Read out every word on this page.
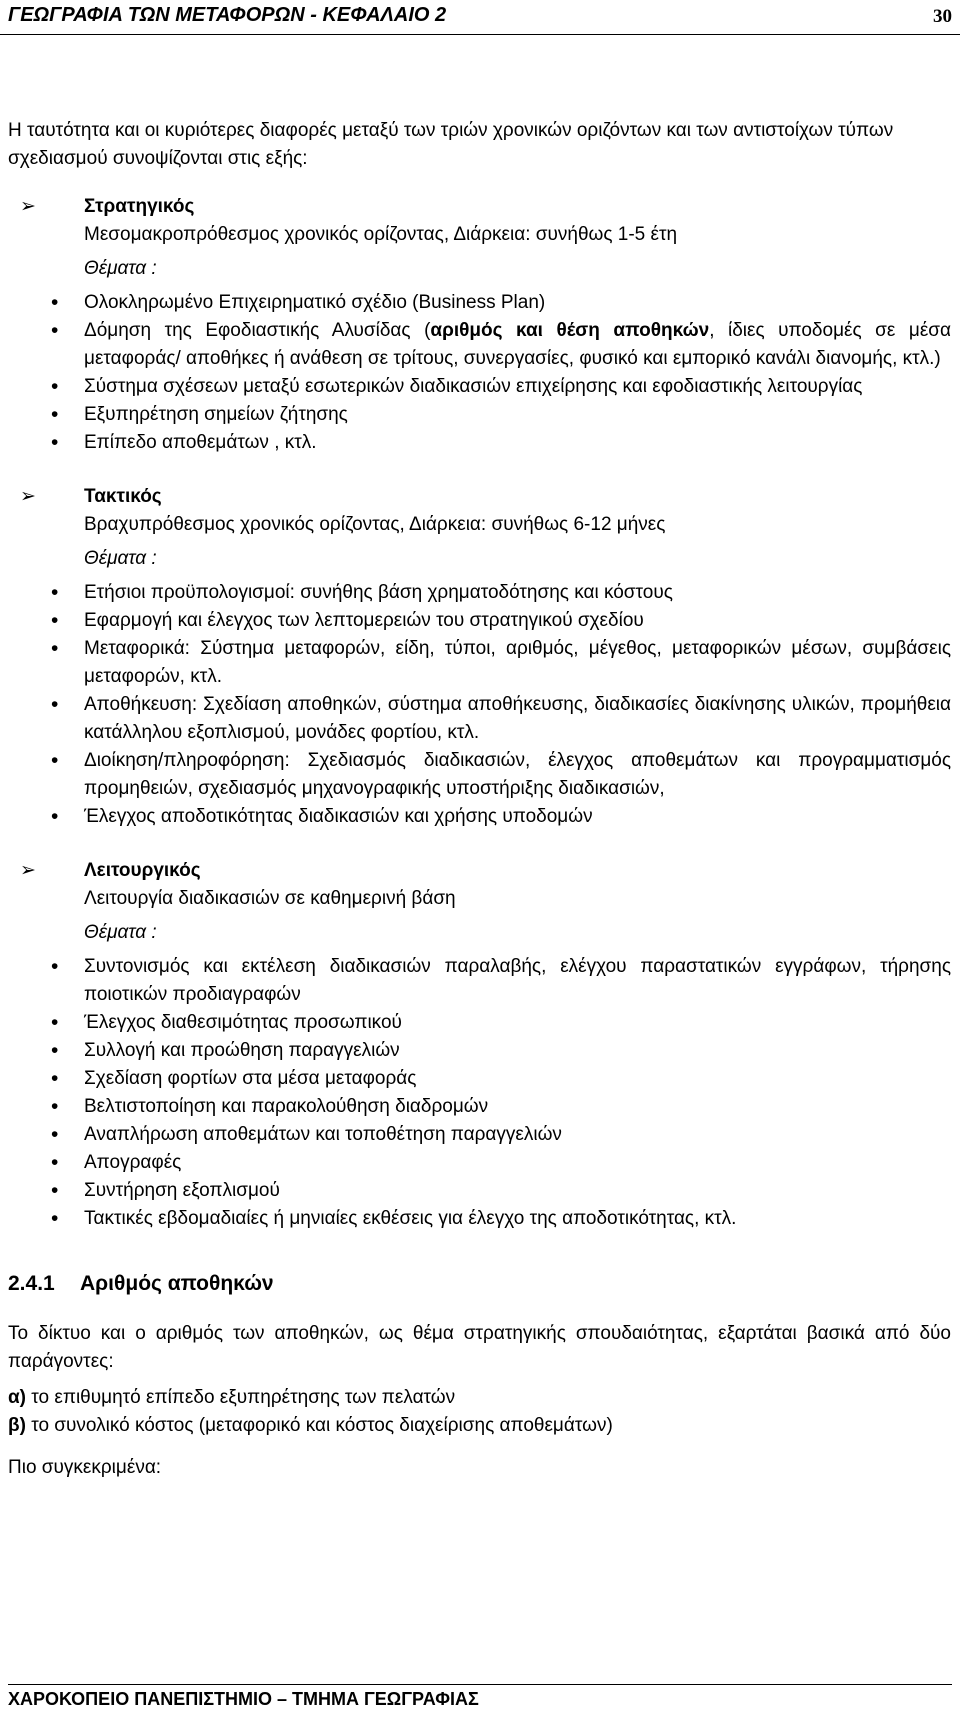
ΓΕΩΓΡΑΦΙΑ ΤΩΝ ΜΕΤΑΦΟΡΩΝ - ΚΕΦΑΛΑΙΟ 2	30

Η ταυτότητα και οι κυριότερες διαφορές μεταξύ των τριών χρονικών οριζόντων και των αντιστοίχων τύπων σχεδιασμού συνοψίζονται στις εξής:

➢	Στρατηγικός
Μεσομακροπρόθεσμος χρονικός ορίζοντας, Διάρκεια: συνήθως 1-5 έτη
Θέματα :
• Ολοκληρωμένο Επιχειρηματικό σχέδιο (Business Plan)
• Δόμηση της Εφοδιαστικής Αλυσίδας (αριθμός και θέση αποθηκών, ίδιες υποδομές σε μέσα μεταφοράς/ αποθήκες ή ανάθεση σε τρίτους, συνεργασίες, φυσικό και εμπορικό κανάλι διανομής, κτλ.)
• Σύστημα σχέσεων μεταξύ εσωτερικών διαδικασιών επιχείρησης και εφοδιαστικής λειτουργίας
• Εξυπηρέτηση σημείων ζήτησης
• Επίπεδο αποθεμάτων , κτλ.
➢	Τακτικός
Βραχυπρόθεσμος χρονικός ορίζοντας, Διάρκεια: συνήθως 6-12 μήνες
Θέματα :
• Ετήσιοι προϋπολογισμοί: συνήθης βάση χρηματοδότησης και κόστους
• Εφαρμογή και έλεγχος των λεπτομερειών του στρατηγικού σχεδίου
• Μεταφορικά: Σύστημα μεταφορών, είδη, τύποι, αριθμός, μέγεθος, μεταφορικών μέσων, συμβάσεις μεταφορών, κτλ.
• Αποθήκευση: Σχεδίαση αποθηκών, σύστημα αποθήκευσης, διαδικασίες διακίνησης υλικών, προμήθεια κατάλληλου εξοπλισμού, μονάδες φορτίου, κτλ.
• Διοίκηση/πληροφόρηση: Σχεδιασμός διαδικασιών, έλεγχος αποθεμάτων και προγραμματισμός προμηθειών, σχεδιασμός μηχανογραφικής υποστήριξης διαδικασιών,
• Έλεγχος αποδοτικότητας διαδικασιών και χρήσης υποδομών
➢	Λειτουργικός
Λειτουργία διαδικασιών σε καθημερινή βάση
Θέματα :
• Συντονισμός και εκτέλεση διαδικασιών παραλαβής, ελέγχου παραστατικών εγγράφων, τήρησης ποιοτικών προδιαγραφών
• Έλεγχος διαθεσιμότητας προσωπικού
• Συλλογή και προώθηση παραγγελιών
• Σχεδίαση φορτίων στα μέσα μεταφοράς
• Βελτιστοποίηση και παρακολούθηση διαδρομών
• Αναπλήρωση αποθεμάτων και τοποθέτηση παραγγελιών
• Απογραφές
• Συντήρηση εξοπλισμού
• Τακτικές εβδομαδιαίες ή μηνιαίες εκθέσεις για έλεγχο της αποδοτικότητας, κτλ.
2.4.1 Αριθμός αποθηκών

Το δίκτυο και ο αριθμός των αποθηκών, ως θέμα στρατηγικής σπουδαιότητας, εξαρτάται βασικά από δύο παράγοντες:

α) το επιθυμητό επίπεδο εξυπηρέτησης των πελατών

β) το συνολικό κόστος (μεταφορικό και κόστος διαχείρισης αποθεμάτων)

Πιο συγκεκριμένα:

ΧΑΡΟΚΟΠΕΙΟ ΠΑΝΕΠΙΣΤΗΜΙΟ – ΤΜΗΜΑ ΓΕΩΓΡΑΦΙΑΣ
